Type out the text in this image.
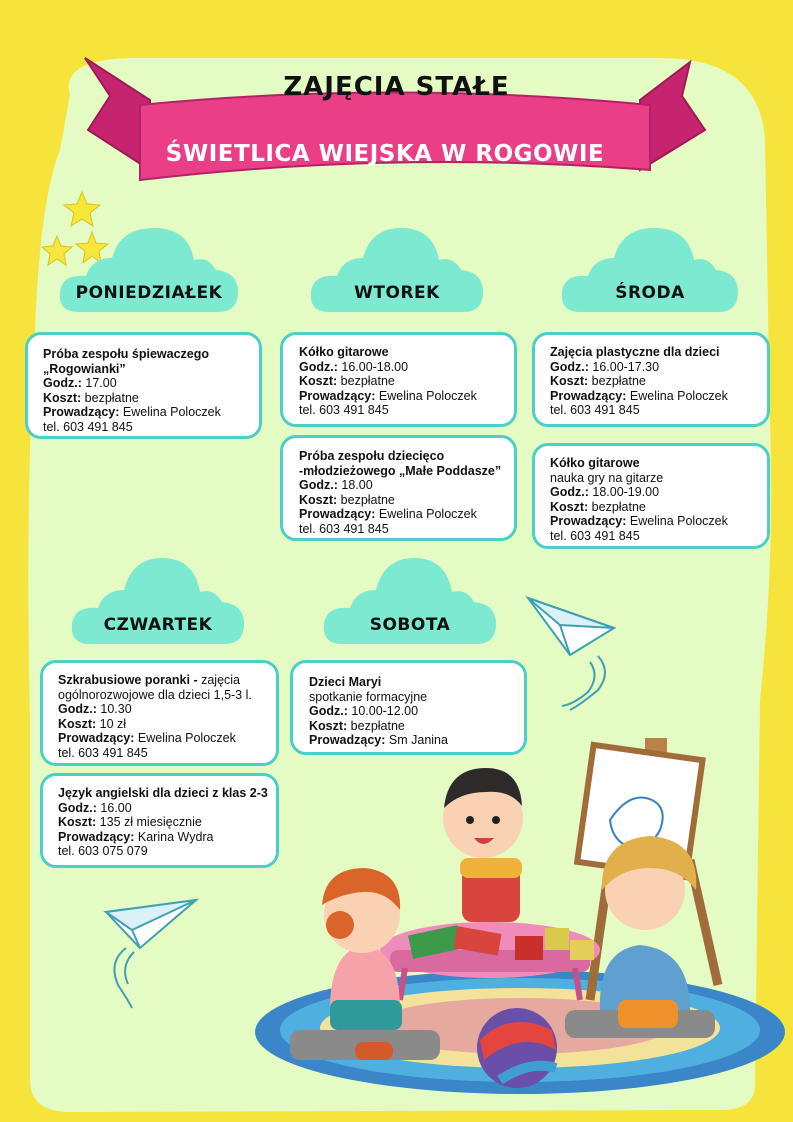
ZAJĘCIA STAŁE
ŚWIETLICA WIEJSKA W ROGOWIE
PONIEDZIAŁEK	WTOREK	ŚRODA
CZWARTEK	SOBOTA
Próba zespołu śpiewaczego
„Rogowianki”
Godz.: 17.00
Koszt: bezpłatne
Prowadzący: Ewelina Poloczek
tel. 603 491 845
Kółko gitarowe
Godz.: 16.00-18.00
Koszt: bezpłatne
Prowadzący: Ewelina Poloczek
tel. 603 491 845
Próba zespołu dziecięco
-młodzieżowego „Małe Poddasze”
Godz.: 18.00
Koszt: bezpłatne
Prowadzący: Ewelina Poloczek
tel. 603 491 845
Zajęcia plastyczne dla dzieci
Godz.: 16.00-17.30
Koszt: bezpłatne
Prowadzący: Ewelina Poloczek
tel. 603 491 845
Kółko gitarowe
nauka gry na gitarze
Godz.: 18.00-19.00
Koszt: bezpłatne
Prowadzący: Ewelina Poloczek
tel. 603 491 845
Szkrabusiowe poranki - zajęcia
ogólnorozwojowe dla dzieci 1,5-3 l.
Godz.: 10.30
Koszt: 10 zł
Prowadzący: Ewelina Poloczek
tel. 603 491 845
Język angielski dla dzieci z klas 2-3
Godz.: 16.00
Koszt: 135 zł miesięcznie
Prowadzący: Karina Wydra
tel. 603 075 079
Dzieci Maryi
spotkanie formacyjne
Godz.: 10.00-12.00
Koszt: bezpłatne
Prowadzący: Sm Janina
